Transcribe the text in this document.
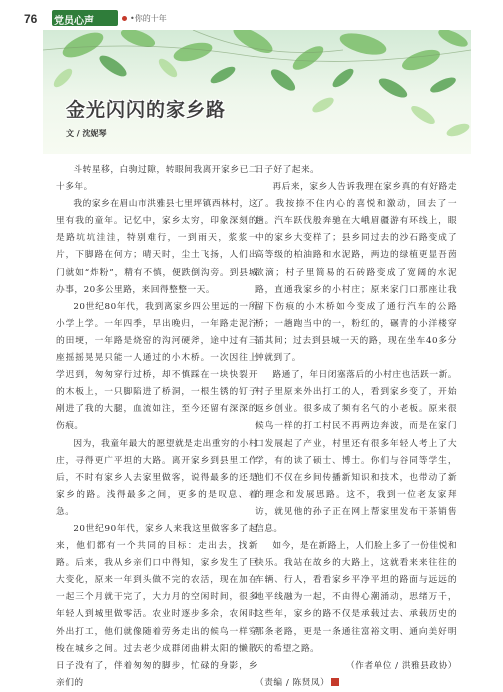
76 党员心声	•你的十年
金光闪闪的家乡路
文 / 沈妮琴

斗转星移，白驹过隙，转眼间我离开家乡已二十多年。

我的家乡在眉山市洪雅县七里坪镇西林村，这里有我的童年。记忆中，家乡太穷，印象深刻的是路坑坑洼洼，特别难行，一到雨天，浆浆一片，下脚路在何方；晴天时，尘土飞扬，人们出门就如“炸粉”，精有不慎，便跌倒沟旁。到县城办事，20多公里路，来回得整整一天。

20世纪80年代，我到离家乡四公里远的一所小学上学。一年四季，早出晚归，一年路走泥泞的田埂，一年路是烧窑的沟河硬斧，途中过有三座摇摇晃晃只能一人通过的小木桥。一次因往上学迟到，匆匆穿行过桥，却不慎踩在一块快裂开的木板上，一只脚陷进了桥洞，一根生锈的钉子剐进了我的大腿，血流如注，至今还留有深深的伤痕。

因为，我童年最大的愿望就是走出重穷的小村庄，寻得更广平坦的大路。离开家乡到县里工作后，不时有家乡人去家里做客，说得最多的还是家乡的路。浅得最多之间，更多的是叹息、着急。

20世纪90年代，家乡人来我这里做客多了起来，他们都有一个共同的目标：走出去，找新路。后来，我从乡亲们口中得知，家乡发生了巨大变化，原来一年到头做不完的农活，现在加在一起三个月就干完了，大力月的空闲时间，很多年轻人到城里做零活。农业时逐步多余，农闲时外出打工，他们就像随着劳务走出的候鸟一样穿梭在城乡之间。过去老少成群闭曲耕太阳的懒散日子没有了，伴着匆匆的脚步，忙碌的身影，乡亲们的

日子好了起来。

再后来，家乡人告诉我理在家乡真的有好路走了。我按捺不住内心的喜悦和激动，回去了一趟。汽车跃伐般奔驰在大峨眉疆游有环线上，眼中的家乡大变样了；县乡同过去的沙石路变成了高等级的柏油路和水泥路，两边的绿植更显吾茵欲滴；村子里简易的石砖路变成了宽阔的水泥路，直通我家乡的小村庄；原来家门口那座让我留下伤痕的小木桥如今变成了通行汽车的公路桥；一趟跑当中的一，粉红的，碾青的小洋楼穿插其间；过去到县城一天的路，现在坐车40多分钟就到了。

路通了，年日闭塞落后的小村庄也活跃一新。村子里原来外出打工的人，看到家乡变了，开始返乡创业。很多成了频有名气的小老板。原来很候鸟一样的打工村民不再两边奔波，而是在家门口发展起了产业，村里还有很多年轻人考上了大学，有的读了硕士、博士。你们与谷同等学生，他们不仅在乡间传播新知识和技术，也带动了新的理念和发展思路。这不，我到一位老友家拜访，就见他的孙子正在网上帮家里发布干茶销售信息。

如今，是在新路上，人们脸上多了一份佳悦和快乐。我站在故乡的大路上，这就看来来往往的车辆、行人，看看家乡平净平坦的路面与远远的地平线融为一起，不由得心潮涌动，思绪万千，这些年，家乡的路不仅是承载过去、承载历史的那条老路，更是一条通往富裕文明、通向美好明天的希望之路。

（作者单位 / 洪雅县政协）

（责编 / 陈贤凤）
